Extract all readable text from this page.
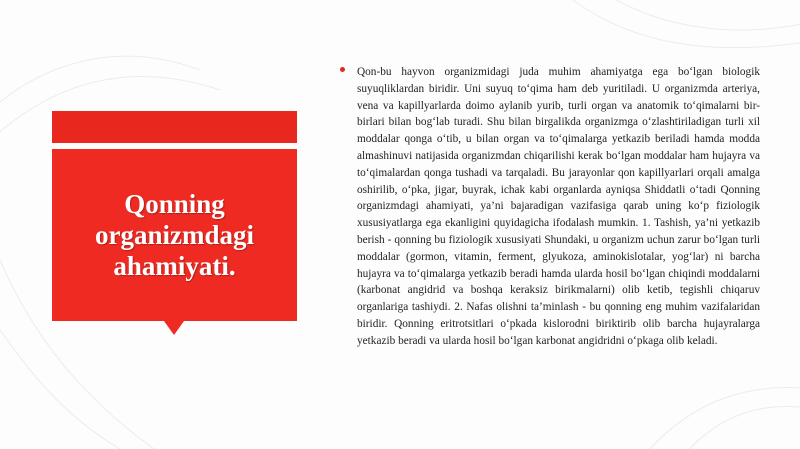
Qonning organizmdagi ahamiyati.

Qon-bu hayvon organizmidagi juda muhim ahamiyatga ega bo‘lgan biologik suyuqliklardan biridir. Uni suyuq to‘qima ham deb yuritiladi. U organizmda arteriya, vena va kapillyarlarda doimo aylanib yurib, turli organ va anatomik to‘qimalarni bir-birlari bilan bog‘lab turadi. Shu bilan birgalikda organizmga o‘zlashtiriladigan turli xil moddalar qonga o‘tib, u bilan organ va to‘qimalarga yetkazib beriladi hamda modda almashinuvi natijasida organizmdan chiqarilishi kerak bo‘lgan moddalar ham hujayra va to‘qimalardan qonga tushadi va tarqaladi. Bu jarayonlar qon kapillyarlari orqali amalga oshirilib, o‘pka, jigar, buyrak, ichak kabi organlarda ayniqsa Shiddatli o‘tadi Qonning organizmdagi ahamiyati, ya’ni bajaradigan vazifasiga qarab uning ko‘p fiziologik xususiyatlarga ega ekanligini quyidagicha ifodalash mumkin. 1. Tashish, ya’ni yetkazib berish - qonning bu fiziologik xususiyati Shundaki, u organizm uchun zarur bo‘lgan turli moddalar (gormon, vitamin, ferment, glyukoza, aminokislotalar, yog‘lar) ni barcha hujayra va to‘qimalarga yetkazib beradi hamda ularda hosil bo‘lgan chiqindi moddalarni (karbonat angidrid va boshqa keraksiz birikmalarni) olib ketib, tegishli chiqaruv organlariga tashiydi. 2. Nafas olishni ta’minlash - bu qonning eng muhim vazifalaridan biridir. Qonning eritrotsitlari o‘pkada kislorodni biriktirib olib barcha hujayralarga yetkazib beradi va ularda hosil bo‘lgan karbonat angidridni o‘pkaga olib keladi.
